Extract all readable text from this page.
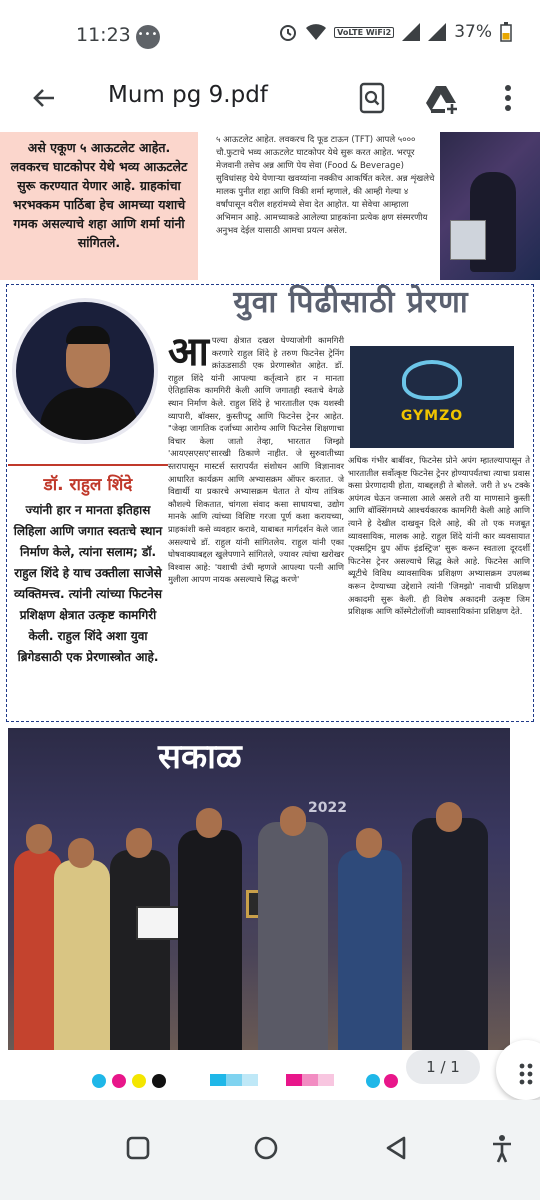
11:23 •••	VoLTE WiFi2	37%
Mum pg 9.pdf
असे एकूण ५ आऊटलेट आहेत. लवकरच घाटकोपर येथे भव्य आऊटलेट सुरू करण्यात येणार आहे. ग्राहकांचा भरभक्कम पाठिंबा हेच आमच्या यशाचे गमक असल्याचे शहा आणि शर्मा यांनी सांगितले.
५ आऊटलेट आहेत. लवकरच दि फूड टाऊन (TFT) आपले ५००० चौ.फुटाचे भव्य आऊटलेट घाटकोपर येथे सुरू करत आहेत. भरपूर मेजवानी तसेच अन्न आणि पेय सेवा (Food & Beverage) सुविधांसह येथे येणाऱ्या खवय्यांना नक्कीच आकर्षित करेल. अन्न शृंखलेचे मालक पुनीत शहा आणि विकी शर्मा म्हणाले, की आम्ही गेल्या ४ वर्षांपासून वरील शहरांमध्ये सेवा देत आहोत. या सेवेचा आम्हाला अभिमान आहे. आमच्याकडे आलेल्या प्राहकांना प्रत्येक क्षण संस्मरणीय अनुभव देईल यासाठी आमचा प्रयत्न असेल.
डॉ. राहुल शिंदे
ज्यांनी हार न मानता इतिहास लिहिला आणि जगात स्वतःचे स्थान निर्माण केले, त्यांना सलाम; डॉ. राहुल शिंदे हे याच उक्तीला साजेसे व्यक्तिमत्त्व. त्यांनी त्यांच्या फिटनेस प्रशिक्षण क्षेत्रात उत्कृष्ट कामगिरी केली. राहुल शिंदे अशा युवा ब्रिगेडसाठी एक प्रेरणास्त्रोत आहे.
युवा पिढीसाठी प्रेरणा
आपल्या क्षेत्रात दखल घेण्याजोगी कामगिरी करणारे राहुल शिंदे हे तरुण फिटनेस ट्रेनिंग क्रांऊडसाठी एक प्रेरणास्त्रोत आहेत. डॉ. राहुल शिंदे यांनी आपल्या कर्तृत्वाने हार न मानता ऐतिहासिक कामगिरी केली आणि जगातही स्वतःचे वेगळे स्थान निर्माण केले. राहुल शिंदे हे भारतातील एक यशस्वी व्यापारी, बॉक्सर, कुस्तीपटू आणि फिटनेस ट्रेनर आहेत. "जेव्हा जागतिक दर्जाच्या आरोग्य आणि फिटनेस शिक्षणाचा विचार केला जातो तेव्हा, भारतात जिम्झो 'आयएसएसए'सारखी ठिकाणे नाहीत. जे सुरुवातीच्या स्तरापासून मास्टर्स स्तरापर्यंत संशोधन आणि विज्ञानावर आधारित कार्यक्रम आणि अभ्यासक्रम ऑफर करतात. जे विद्यार्थी या प्रकारचे अभ्यासक्रम घेतात ते योग्य तांत्रिक कौशल्ये शिकतात, चांगला संवाद कसा साधायचा, उद्योग मानके आणि त्यांच्या विशिष्ट गरजा पूर्ण कशा करायच्या, प्राहकांशी कसे व्यवहार करावे, याबाबत मार्गदर्शन केले जात असल्याचे डॉ. राहुल यांनी सांगितलेय. राहुल यांनी एका घोषवाक्याबद्दल खुलेपणाने सांगितले, ज्यावर त्यांचा खरोखर विश्वास आहे: 'यशाची उंची म्हणजे आपल्या पत्नी आणि मुलीला आपण नायक असल्याचे सिद्ध करणे'
GYMZO
अधिक गंभीर बाबींवर, फिटनेस प्रोने अपंग म्हातल्यापासून ते भारतातील सर्वोत्कृष्ट फिटनेस ट्रेनर होण्यापर्यंतचा त्याचा प्रवास कसा प्रेरणादायी होता, याबद्दलही ते बोलले. जरी ते ४५ टक्के अपंगत्व घेऊन जन्माला आले असले तरी या माणसाने कुस्ती आणि बॉक्सिंगमध्ये आश्चर्यकारक कामगिरी केली आहे आणि त्याने हे देखील दाखवून दिले आहे, की तो एक मजबूत व्यावसायिक, मालक आहे. राहुल शिंदे यांनी कार व्यवसायात 'एक्सट्रिम ग्रुप ऑफ इंडस्ट्रिज' सुरू करून स्वतःला दूरदर्शी फिटनेस ट्रेनर असल्याचे सिद्ध केले आहे. फिटनेस आणि ब्यूटीचे विविध व्यावसायिक प्रशिक्षण अभ्यासक्रम उपलब्ध करून देण्याच्या उद्देशाने त्यांनी 'जिमझो' नावाची प्रशिक्षण अकादमी सुरू केली. ही विशेष अकादमी उत्कृष्ट जिम प्रशिक्षक आणि कॉस्मेटोलॉजी व्यावसायिकांना प्रशिक्षण देते.
सकाळ
2022
1 / 1
